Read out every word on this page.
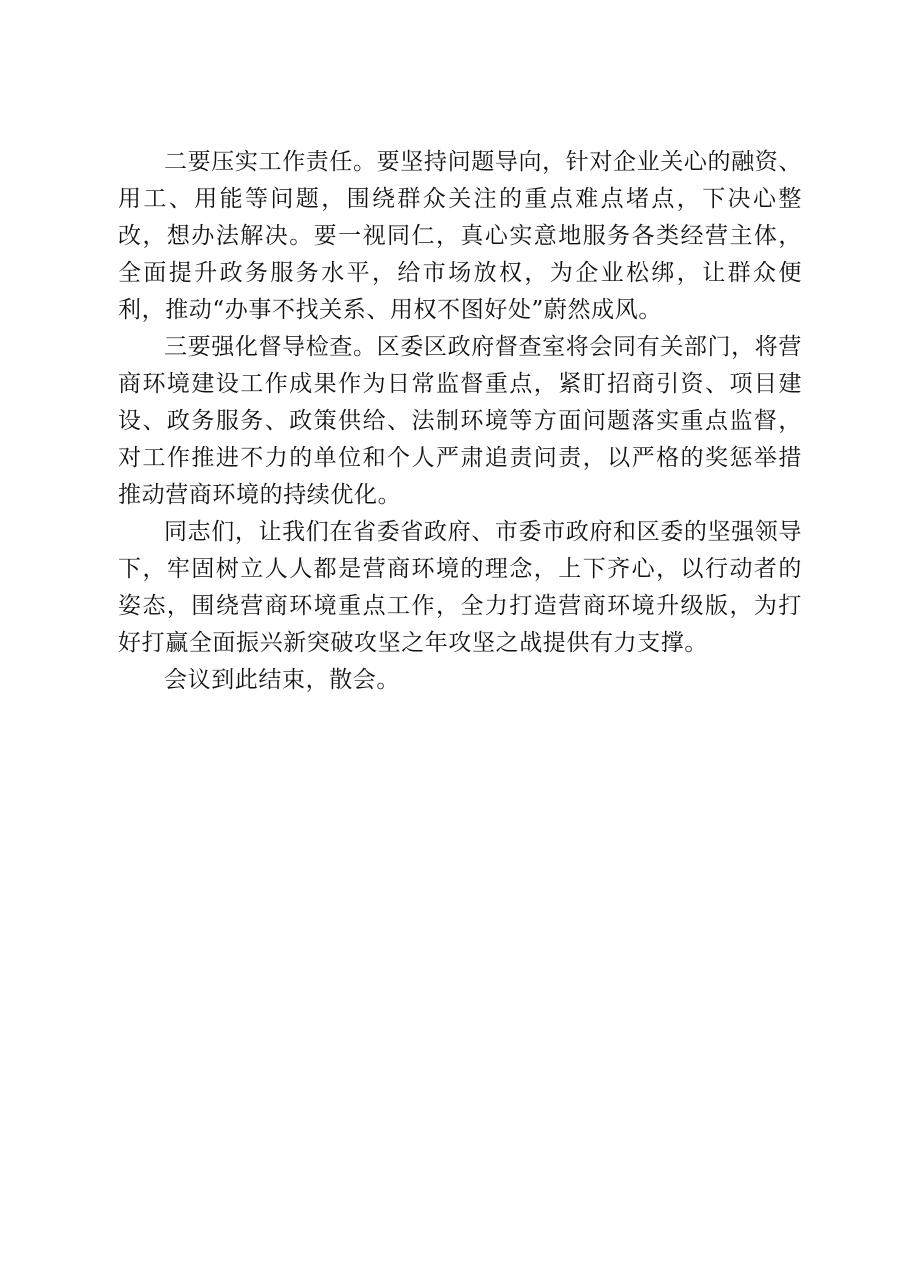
二要压实工作责任。要坚持问题导向，针对企业关心的融资、用工、用能等问题，围绕群众关注的重点难点堵点，下决心整改，想办法解决。要一视同仁，真心实意地服务各类经营主体，全面提升政务服务水平，给市场放权，为企业松绑，让群众便利，推动“办事不找关系、用权不图好处”蔚然成风。

三要强化督导检查。区委区政府督查室将会同有关部门，将营商环境建设工作成果作为日常监督重点，紧盯招商引资、项目建设、政务服务、政策供给、法制环境等方面问题落实重点监督，对工作推进不力的单位和个人严肃追责问责，以严格的奖惩举措推动营商环境的持续优化。

同志们，让我们在省委省政府、市委市政府和区委的坚强领导下，牢固树立人人都是营商环境的理念，上下齐心，以行动者的姿态，围绕营商环境重点工作，全力打造营商环境升级版，为打好打赢全面振兴新突破攻坚之年攻坚之战提供有力支撑。

会议到此结束，散会。
